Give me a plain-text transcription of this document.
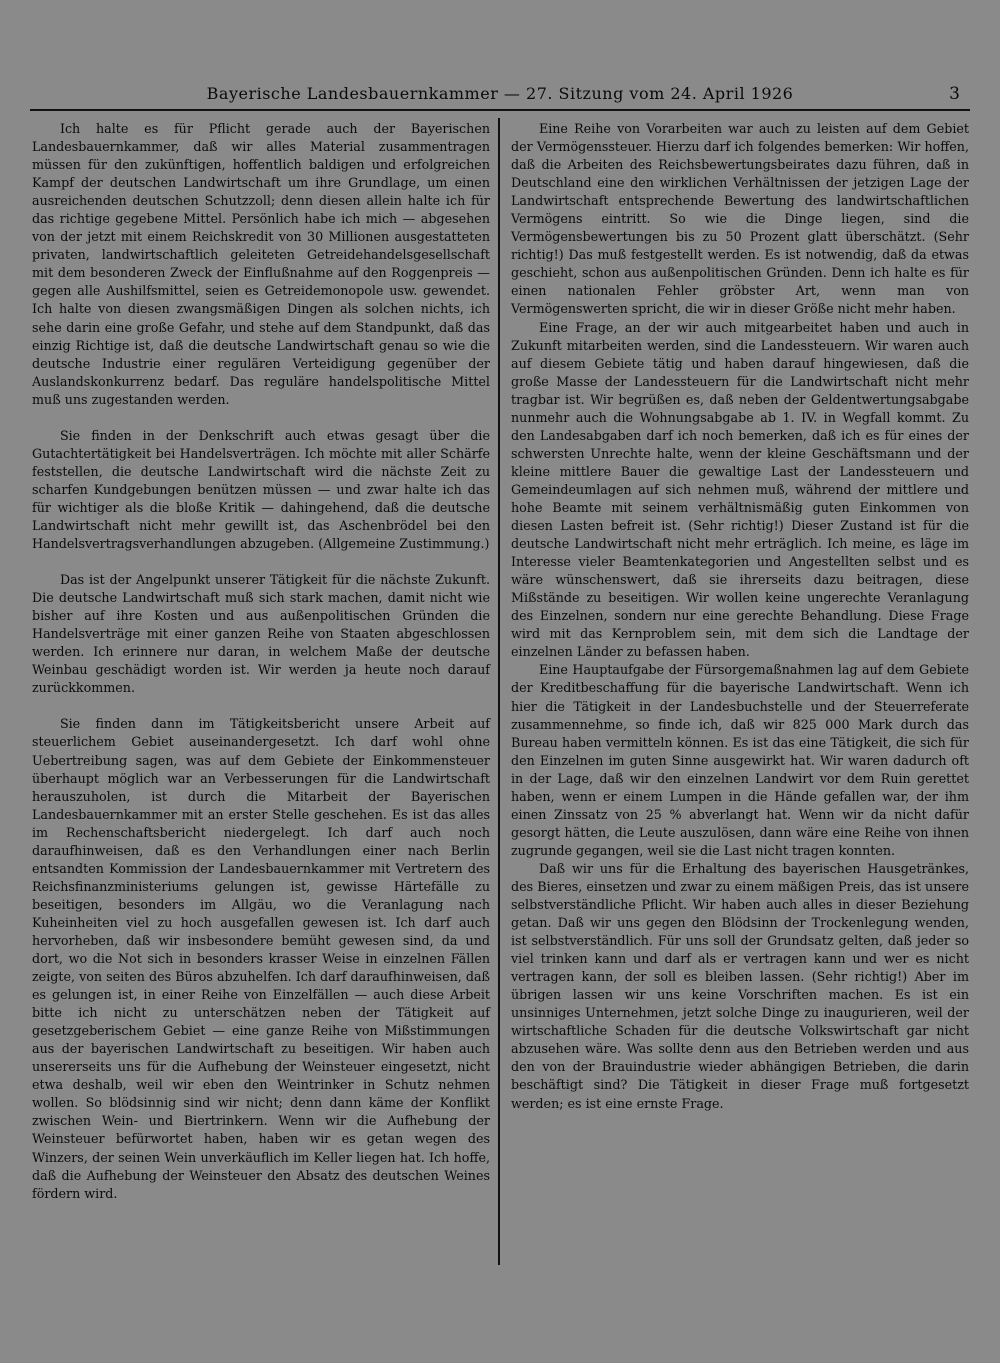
Bayerische Landesbauernkammer — 27. Sitzung vom 24. April 1926	3

Ich halte es für Pflicht gerade auch der Bayerischen Landesbauernkammer, daß wir alles Material zusammentragen müssen für den zukünftigen, hoffentlich baldigen und erfolgreichen Kampf der deutschen Landwirtschaft um ihre Grundlage, um einen ausreichenden deutschen Schutzzoll; denn diesen allein halte ich für das richtige gegebene Mittel. Persönlich habe ich mich — abgesehen von der jetzt mit einem Reichskredit von 30 Millionen ausgestatteten privaten, landwirtschaftlich geleiteten Getreidehandelsgesellschaft mit dem besonderen Zweck der Einflußnahme auf den Roggenpreis — gegen alle Aushilfsmittel, seien es Getreidemonopole usw. gewendet. Ich halte von diesen zwangsmäßigen Dingen als solchen nichts, ich sehe darin eine große Gefahr, und stehe auf dem Standpunkt, daß das einzig Richtige ist, daß die deutsche Landwirtschaft genau so wie die deutsche Industrie einer regulären Verteidigung gegenüber der Auslandskonkurrenz bedarf. Das reguläre handelspolitische Mittel muß uns zugestanden werden.

Sie finden in der Denkschrift auch etwas gesagt über die Gutachtertätigkeit bei Handelsverträgen. Ich möchte mit aller Schärfe feststellen, die deutsche Landwirtschaft wird die nächste Zeit zu scharfen Kundgebungen benützen müssen — und zwar halte ich das für wichtiger als die bloße Kritik — dahingehend, daß die deutsche Landwirtschaft nicht mehr gewillt ist, das Aschenbrödel bei den Handelsvertragsverhandlungen abzugeben. (Allgemeine Zustimmung.)

Das ist der Angelpunkt unserer Tätigkeit für die nächste Zukunft. Die deutsche Landwirtschaft muß sich stark machen, damit nicht wie bisher auf ihre Kosten und aus außenpolitischen Gründen die Handelsverträge mit einer ganzen Reihe von Staaten abgeschlossen werden. Ich erinnere nur daran, in welchem Maße der deutsche Weinbau geschädigt worden ist. Wir werden ja heute noch darauf zurückkommen.

Sie finden dann im Tätigkeitsbericht unsere Arbeit auf steuerlichem Gebiet auseinandergesetzt. Ich darf wohl ohne Uebertreibung sagen, was auf dem Gebiete der Einkommensteuer überhaupt möglich war an Verbesserungen für die Landwirtschaft herauszuholen, ist durch die Mitarbeit der Bayerischen Landesbauernkammer mit an erster Stelle geschehen. Es ist das alles im Rechenschaftsbericht niedergelegt. Ich darf auch noch daraufhinweisen, daß es den Verhandlungen einer nach Berlin entsandten Kommission der Landesbauernkammer mit Vertretern des Reichsfinanzministeriums gelungen ist, gewisse Härtefälle zu beseitigen, besonders im Allgäu, wo die Veranlagung nach Kuheinheiten viel zu hoch ausgefallen gewesen ist. Ich darf auch hervorheben, daß wir insbesondere bemüht gewesen sind, da und dort, wo die Not sich in besonders krasser Weise in einzelnen Fällen zeigte, von seiten des Büros abzuhelfen. Ich darf daraufhinweisen, daß es gelungen ist, in einer Reihe von Einzelfällen — auch diese Arbeit bitte ich nicht zu unterschätzen neben der Tätigkeit auf gesetzgeberischem Gebiet — eine ganze Reihe von Mißstimmungen aus der bayerischen Landwirtschaft zu beseitigen. Wir haben auch unsererseits uns für die Aufhebung der Weinsteuer eingesetzt, nicht etwa deshalb, weil wir eben den Weintrinker in Schutz nehmen wollen. So blödsinnig sind wir nicht; denn dann käme der Konflikt zwischen Wein- und Biertrinkern. Wenn wir die Aufhebung der Weinsteuer befürwortet haben, haben wir es getan wegen des Winzers, der seinen Wein unverkäuflich im Keller liegen hat. Ich hoffe, daß die Aufhebung der Weinsteuer den Absatz des deutschen Weines fördern wird.

Eine Reihe von Vorarbeiten war auch zu leisten auf dem Gebiet der Vermögenssteuer. Hierzu darf ich folgendes bemerken: Wir hoffen, daß die Arbeiten des Reichsbewertungsbeirates dazu führen, daß in Deutschland eine den wirklichen Verhältnissen der jetzigen Lage der Landwirtschaft entsprechende Bewertung des landwirtschaftlichen Vermögens eintritt. So wie die Dinge liegen, sind die Vermögensbewertungen bis zu 50 Prozent glatt überschätzt. (Sehr richtig!) Das muß festgestellt werden. Es ist notwendig, daß da etwas geschieht, schon aus außenpolitischen Gründen. Denn ich halte es für einen nationalen Fehler gröbster Art, wenn man von Vermögenswerten spricht, die wir in dieser Größe nicht mehr haben.

Eine Frage, an der wir auch mitgearbeitet haben und auch in Zukunft mitarbeiten werden, sind die Landessteuern. Wir waren auch auf diesem Gebiete tätig und haben darauf hingewiesen, daß die große Masse der Landessteuern für die Landwirtschaft nicht mehr tragbar ist. Wir begrüßen es, daß neben der Geldentwertungsabgabe nunmehr auch die Wohnungsabgabe ab 1. IV. in Wegfall kommt. Zu den Landesabgaben darf ich noch bemerken, daß ich es für eines der schwersten Unrechte halte, wenn der kleine Geschäftsmann und der kleine mittlere Bauer die gewaltige Last der Landessteuern und Gemeindeumlagen auf sich nehmen muß, während der mittlere und hohe Beamte mit seinem verhältnismäßig guten Einkommen von diesen Lasten befreit ist. (Sehr richtig!) Dieser Zustand ist für die deutsche Landwirtschaft nicht mehr erträglich. Ich meine, es läge im Interesse vieler Beamtenkategorien und Angestellten selbst und es wäre wünschenswert, daß sie ihrerseits dazu beitragen, diese Mißstände zu beseitigen. Wir wollen keine ungerechte Veranlagung des Einzelnen, sondern nur eine gerechte Behandlung. Diese Frage wird mit das Kernproblem sein, mit dem sich die Landtage der einzelnen Länder zu befassen haben.

Eine Hauptaufgabe der Fürsorgemaßnahmen lag auf dem Gebiete der Kreditbeschaffung für die bayerische Landwirtschaft. Wenn ich hier die Tätigkeit in der Landesbuchstelle und der Steuerreferate zusammennehme, so finde ich, daß wir 825 000 Mark durch das Bureau haben vermitteln können. Es ist das eine Tätigkeit, die sich für den Einzelnen im guten Sinne ausgewirkt hat. Wir waren dadurch oft in der Lage, daß wir den einzelnen Landwirt vor dem Ruin gerettet haben, wenn er einem Lumpen in die Hände gefallen war, der ihm einen Zinssatz von 25 % abverlangt hat. Wenn wir da nicht dafür gesorgt hätten, die Leute auszulösen, dann wäre eine Reihe von ihnen zugrunde gegangen, weil sie die Last nicht tragen konnten.

Daß wir uns für die Erhaltung des bayerischen Hausgetränkes, des Bieres, einsetzen und zwar zu einem mäßigen Preis, das ist unsere selbstverständliche Pflicht. Wir haben auch alles in dieser Beziehung getan. Daß wir uns gegen den Blödsinn der Trockenlegung wenden, ist selbstverständlich. Für uns soll der Grundsatz gelten, daß jeder so viel trinken kann und darf als er vertragen kann und wer es nicht vertragen kann, der soll es bleiben lassen. (Sehr richtig!) Aber im übrigen lassen wir uns keine Vorschriften machen. Es ist ein unsinniges Unternehmen, jetzt solche Dinge zu inaugurieren, weil der wirtschaftliche Schaden für die deutsche Volkswirtschaft gar nicht abzusehen wäre. Was sollte denn aus den Betrieben werden und aus den von der Brauindustrie wieder abhängigen Betrieben, die darin beschäftigt sind? Die Tätigkeit in dieser Frage muß fortgesetzt werden; es ist eine ernste Frage.
